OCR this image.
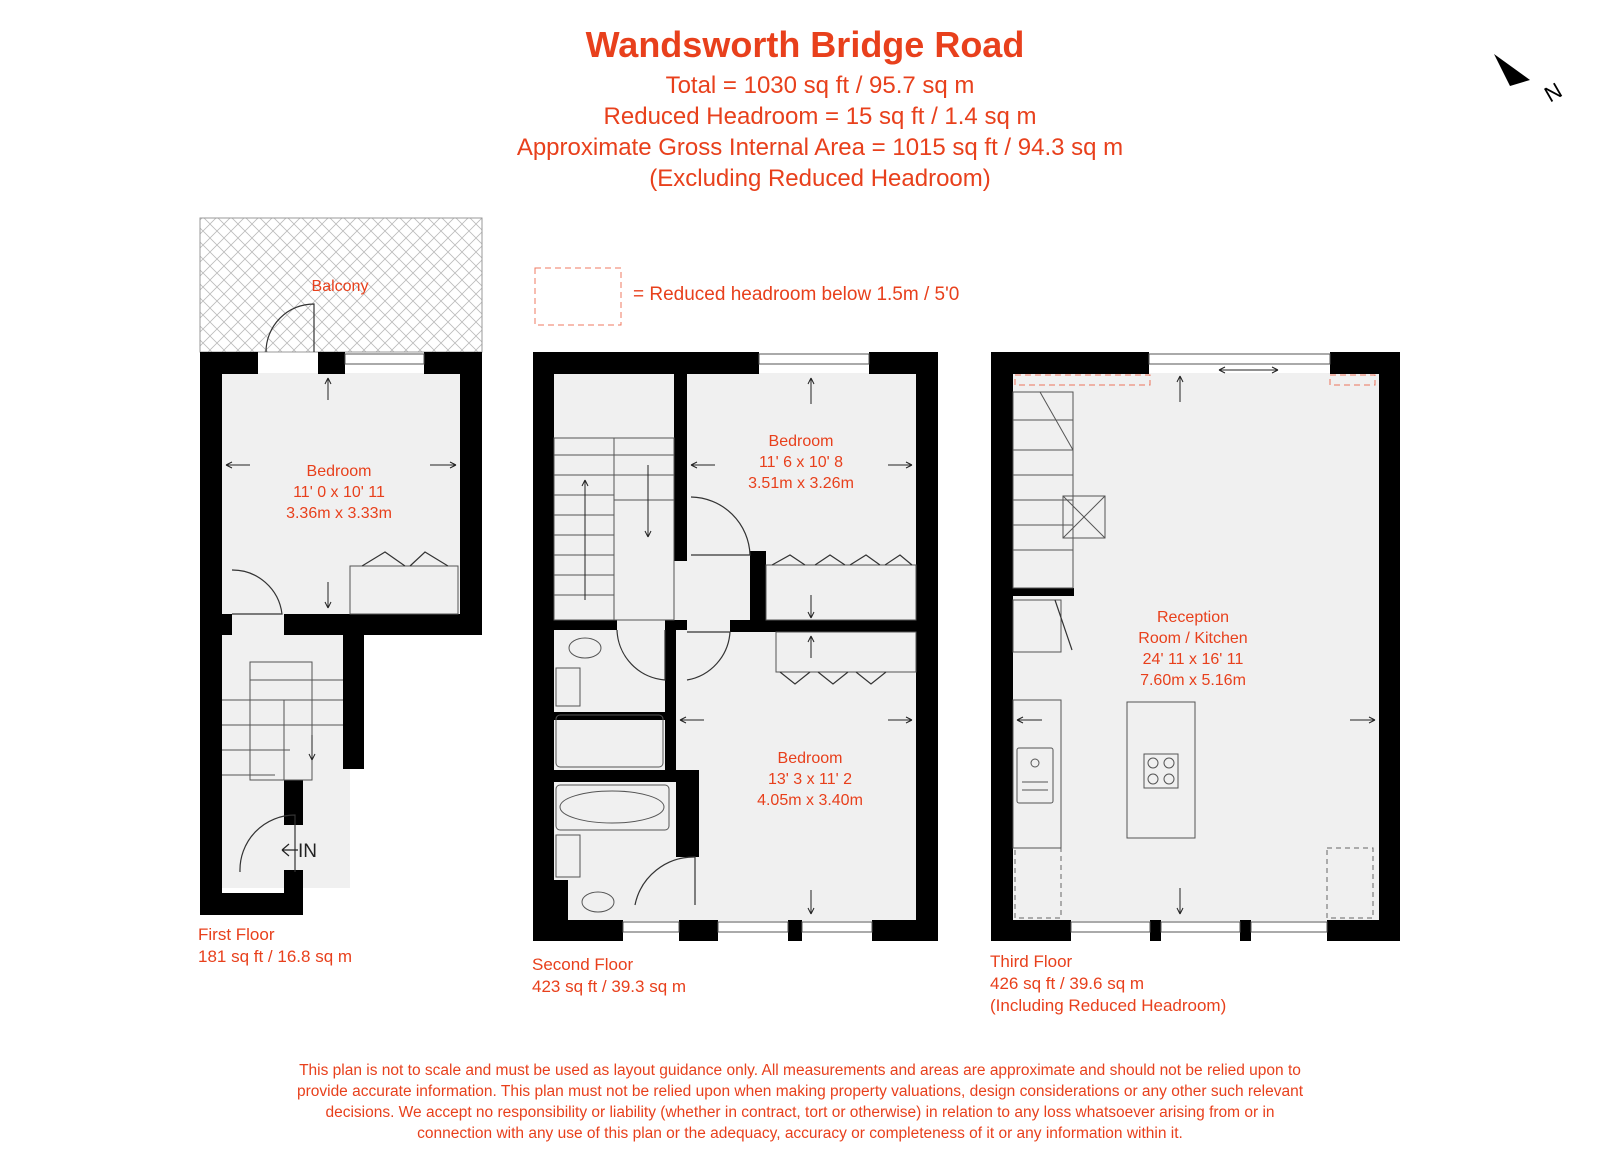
Wandsworth Bridge Road
Total = 1030 sq ft / 95.7 sq m
Reduced Headroom = 15 sq ft / 1.4 sq m
Approximate Gross Internal Area = 1015 sq ft / 94.3 sq m
(Excluding Reduced Headroom)
N
= Reduced headroom below 1.5m / 5'0
Balcony
Bedroom
11' 0 x 10' 11
3.36m x 3.33m
IN
First Floor
181 sq ft / 16.8 sq m
Bedroom
11' 6 x 10' 8
3.51m x 3.26m
Bedroom
13' 3 x 11' 2
4.05m x 3.40m
Second Floor
423 sq ft / 39.3 sq m
Reception
Room / Kitchen
24' 11 x 16' 11
7.60m x 5.16m
Third Floor
426 sq ft / 39.6 sq m
(Including Reduced Headroom)
This plan is not to scale and must be used as layout guidance only. All measurements and areas are approximate and should not be relied upon to
provide accurate information. This plan must not be relied upon when making property valuations, design considerations or any other such relevant
decisions. We accept no responsibility or liability (whether in contract, tort or otherwise) in relation to any loss whatsoever arising from or in
connection with any use of this plan or the adequacy, accuracy or completeness of it or any information within it.
